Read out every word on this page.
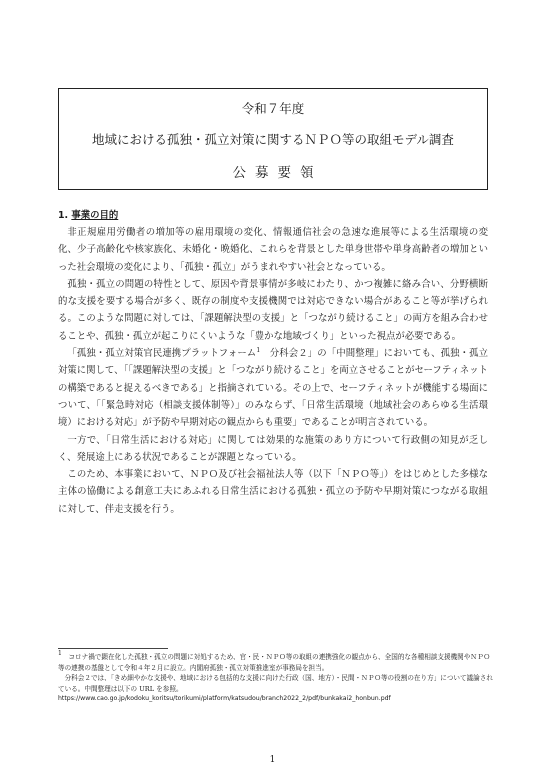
令和７年度
地域における孤独・孤立対策に関するＮＰＯ等の取組モデル調査
公募要領
1. 事業の目的

非正規雇用労働者の増加等の雇用環境の変化、情報通信社会の急速な進展等による生活環境の変化、少子高齢化や核家族化、未婚化・晩婚化、これらを背景とした単身世帯や単身高齢者の増加といった社会環境の変化により、「孤独・孤立」がうまれやすい社会となっている。

孤独・孤立の問題の特性として、原因や背景事情が多岐にわたり、かつ複雑に絡み合い、分野横断的な支援を要する場合が多く、既存の制度や支援機関では対応できない場合があること等が挙げられる。このような問題に対しては、「課題解決型の支援」と「つながり続けること」の両方を組み合わせることや、孤独・孤立が起こりにくいような「豊かな地域づくり」といった視点が必要である。

「孤独・孤立対策官民連携プラットフォーム$^1$　 分科会２」の「中間整理」においても、孤独・孤立対策に関して、「「課題解決型の支援」と「つながり続けること」を両立させることがセーフティネットの構築であると捉えるべきである」と指摘されている。その上で、セーフティネットが機能する場面について、「「緊急時対応（相談支援体制等）」のみならず、「日常生活環境（地域社会のあらゆる生活環境）における対応」が予防や早期対応の観点からも重要」であることが明言されている。

一方で、「日常生活における対応」に関しては効果的な施策のあり方について行政側の知見が乏しく、発展途上にある状況であることが課題となっている。

このため、本事業において、ＮＰＯ及び社会福祉法人等（以下「ＮＰＯ等」）をはじめとした多様な主体の協働による創意工夫にあふれる日常生活における孤独・孤立の予防や早期対策につながる取組に対して、伴走支援を行う。

$^1$　 コロナ禍で顕在化した孤独・孤立の問題に対処するため、官・民・ＮＰＯ等の取組の連携強化の観点から、全国的な各種相談支援機関やＮＰＯ等の連携の基盤として令和４年２月に設立。内閣府孤独・孤立対策推進室が事務局を担当。

分科会２では、「きめ細やかな支援や、地域における包括的な支援に向けた行政（国、地方）・民間・ＮＰＯ等の役割の在り方」について議論されている。中間整理は以下の URL を参照。

https://www.cao.go.jp/kodoku_koritsu/torikumi/platform/katsudou/branch2022_2/pdf/bunkakai2_honbun.pdf

1
